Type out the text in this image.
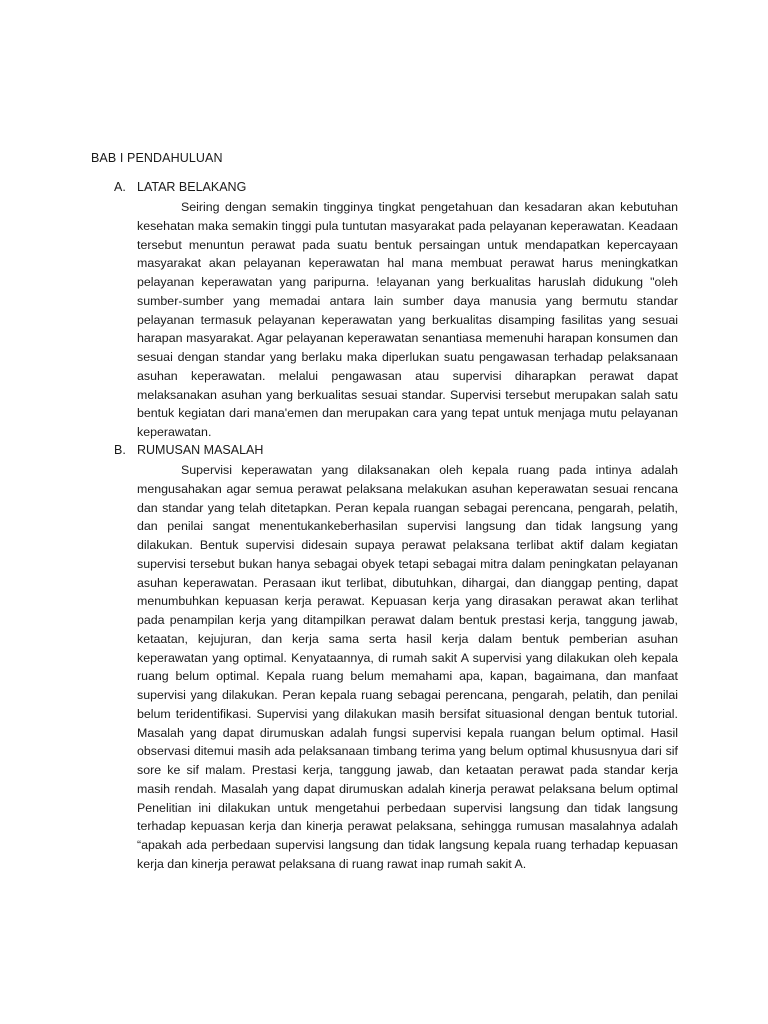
BAB I PENDAHULUAN
A. LATAR BELAKANG

Seiring dengan semakin tingginya tingkat pengetahuan dan kesadaran akan kebutuhan kesehatan maka semakin tinggi pula tuntutan masyarakat pada pelayanan keperawatan. Keadaan tersebut menuntun perawat pada suatu bentuk persaingan untuk mendapatkan kepercayaan masyarakat akan pelayanan keperawatan hal mana membuat perawat harus meningkatkan pelayanan keperawatan yang paripurna. !elayanan yang berkualitas haruslah didukung "oleh sumber-sumber yang memadai antara lain sumber daya manusia yang bermutu standar pelayanan termasuk pelayanan keperawatan yang berkualitas disamping fasilitas yang sesuai harapan masyarakat. Agar pelayanan keperawatan senantiasa memenuhi harapan konsumen dan sesuai dengan standar yang berlaku maka diperlukan suatu pengawasan terhadap pelaksanaan asuhan keperawatan. melalui pengawasan atau supervisi diharapkan perawat dapat melaksanakan asuhan yang berkualitas sesuai standar. Supervisi tersebut merupakan salah satu bentuk kegiatan dari mana'emen dan merupakan cara yang tepat untuk menjaga mutu pelayanan keperawatan.

B. RUMUSAN MASALAH

Supervisi keperawatan yang dilaksanakan oleh kepala ruang pada intinya adalah mengusahakan agar semua perawat pelaksana melakukan asuhan keperawatan sesuai rencana dan standar yang telah ditetapkan. Peran kepala ruangan sebagai perencana, pengarah, pelatih, dan penilai sangat menentukankeberhasilan supervisi langsung dan tidak langsung yang dilakukan. Bentuk supervisi didesain supaya perawat pelaksana terlibat aktif dalam kegiatan supervisi tersebut bukan hanya sebagai obyek tetapi sebagai mitra dalam peningkatan pelayanan asuhan keperawatan. Perasaan ikut terlibat, dibutuhkan, dihargai, dan dianggap penting, dapat menumbuhkan kepuasan kerja perawat. Kepuasan kerja yang dirasakan perawat akan terlihat pada penampilan kerja yang ditampilkan perawat dalam bentuk prestasi kerja, tanggung jawab, ketaatan, kejujuran, dan kerja sama serta hasil kerja dalam bentuk pemberian asuhan keperawatan yang optimal. Kenyataannya, di rumah sakit A supervisi yang dilakukan oleh kepala ruang belum optimal. Kepala ruang belum memahami apa, kapan, bagaimana, dan manfaat supervisi yang dilakukan. Peran kepala ruang sebagai perencana, pengarah, pelatih, dan penilai belum teridentifikasi. Supervisi yang dilakukan masih bersifat situasional dengan bentuk tutorial. Masalah yang dapat dirumuskan adalah fungsi supervisi kepala ruangan belum optimal. Hasil observasi ditemui masih ada pelaksanaan timbang terima yang belum optimal khususnyua dari sif sore ke sif malam. Prestasi kerja, tanggung jawab, dan ketaatan perawat pada standar kerja masih rendah. Masalah yang dapat dirumuskan adalah kinerja perawat pelaksana belum optimal Penelitian ini dilakukan untuk mengetahui perbedaan supervisi langsung dan tidak langsung terhadap kepuasan kerja dan kinerja perawat pelaksana, sehingga rumusan masalahnya adalah “apakah ada perbedaan supervisi langsung dan tidak langsung kepala ruang terhadap kepuasan kerja dan kinerja perawat pelaksana di ruang rawat inap rumah sakit A.
